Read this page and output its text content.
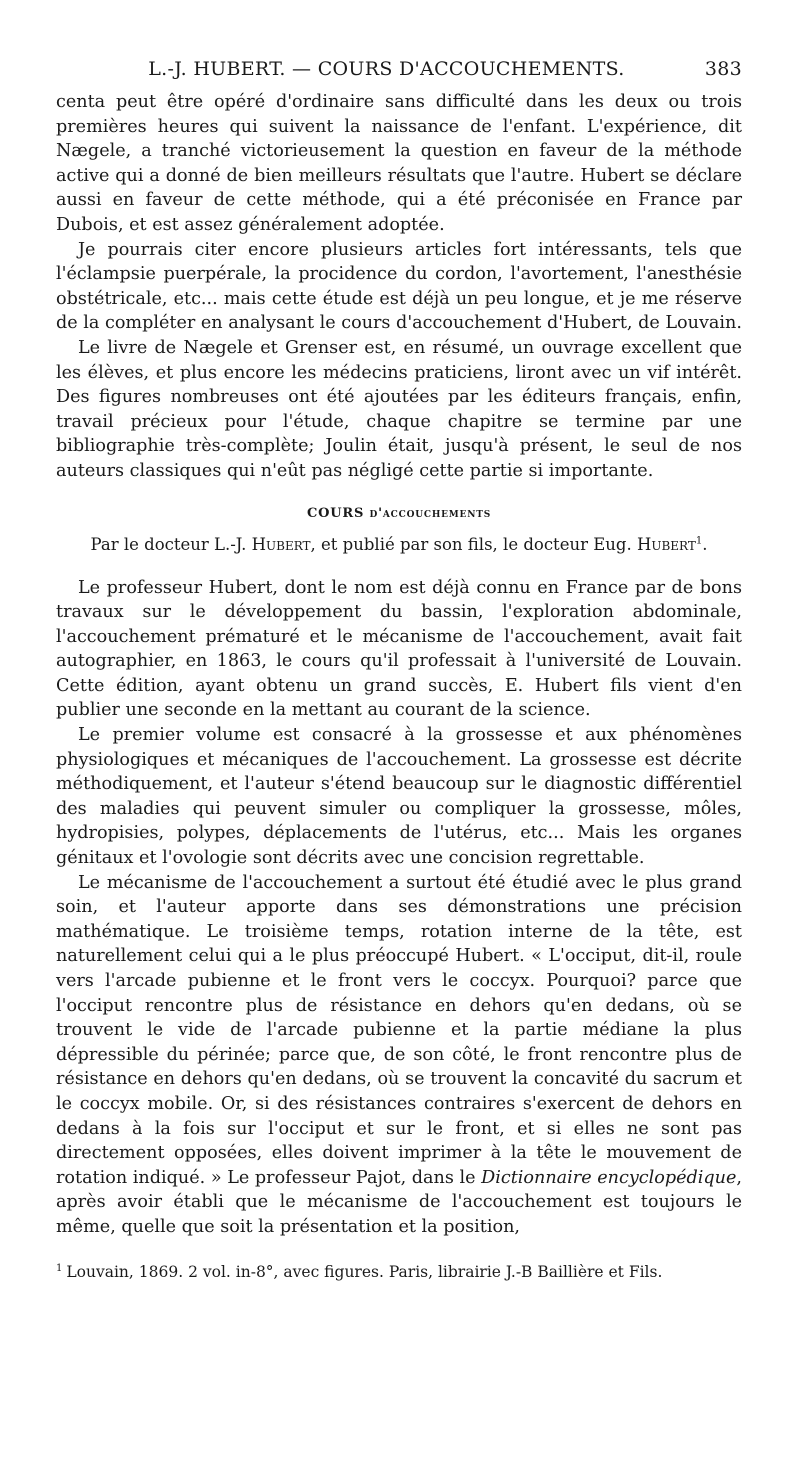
L.-J. HUBERT. — COURS D'ACCOUCHEMENTS.	383

centa peut être opéré d'ordinaire sans difficulté dans les deux ou trois premières heures qui suivent la naissance de l'enfant. L'expérience, dit Nægele, a tranché victorieusement la question en faveur de la méthode active qui a donné de bien meilleurs résultats que l'autre. Hubert se déclare aussi en faveur de cette méthode, qui a été préconisée en France par Dubois, et est assez généralement adoptée.

Je pourrais citer encore plusieurs articles fort intéressants, tels que l'éclampsie puerpérale, la procidence du cordon, l'avortement, l'anesthésie obstétricale, etc... mais cette étude est déjà un peu longue, et je me réserve de la compléter en analysant le cours d'accouchement d'Hubert, de Louvain.

Le livre de Nægele et Grenser est, en résumé, un ouvrage excellent que les élèves, et plus encore les médecins praticiens, liront avec un vif intérêt. Des figures nombreuses ont été ajoutées par les éditeurs français, enfin, travail précieux pour l'étude, chaque chapitre se termine par une bibliographie très-complète; Joulin était, jusqu'à présent, le seul de nos auteurs classiques qui n'eût pas négligé cette partie si importante.

COURS d'accouchements
Par le docteur L.-J. Hubert, et publié par son fils, le docteur Eug. Hubert$^1$.

Le professeur Hubert, dont le nom est déjà connu en France par de bons travaux sur le développement du bassin, l'exploration abdominale, l'accouchement prématuré et le mécanisme de l'accouchement, avait fait autographier, en 1863, le cours qu'il professait à l'université de Louvain. Cette édition, ayant obtenu un grand succès, E. Hubert fils vient d'en publier une seconde en la mettant au courant de la science.

Le premier volume est consacré à la grossesse et aux phénomènes physiologiques et mécaniques de l'accouchement. La grossesse est décrite méthodiquement, et l'auteur s'étend beaucoup sur le diagnostic différentiel des maladies qui peuvent simuler ou compliquer la grossesse, môles, hydropisies, polypes, déplacements de l'utérus, etc... Mais les organes génitaux et l'ovologie sont décrits avec une concision regrettable.

Le mécanisme de l'accouchement a surtout été étudié avec le plus grand soin, et l'auteur apporte dans ses démonstrations une précision mathématique. Le troisième temps, rotation interne de la tête, est naturellement celui qui a le plus préoccupé Hubert. « L'occiput, dit-il, roule vers l'arcade pubienne et le front vers le coccyx. Pourquoi? parce que l'occiput rencontre plus de résistance en dehors qu'en dedans, où se trouvent le vide de l'arcade pubienne et la partie médiane la plus dépressible du périnée; parce que, de son côté, le front rencontre plus de résistance en dehors qu'en dedans, où se trouvent la concavité du sacrum et le coccyx mobile. Or, si des résistances contraires s'exercent de dehors en dedans à la fois sur l'occiput et sur le front, et si elles ne sont pas directement opposées, elles doivent imprimer à la tête le mouvement de rotation indiqué. » Le professeur Pajot, dans le Dictionnaire encyclopédique, après avoir établi que le mécanisme de l'accouchement est toujours le même, quelle que soit la présentation et la position,

$^1$ Louvain, 1869. 2 vol. in-8°, avec figures. Paris, librairie J.-B Baillière et Fils.
